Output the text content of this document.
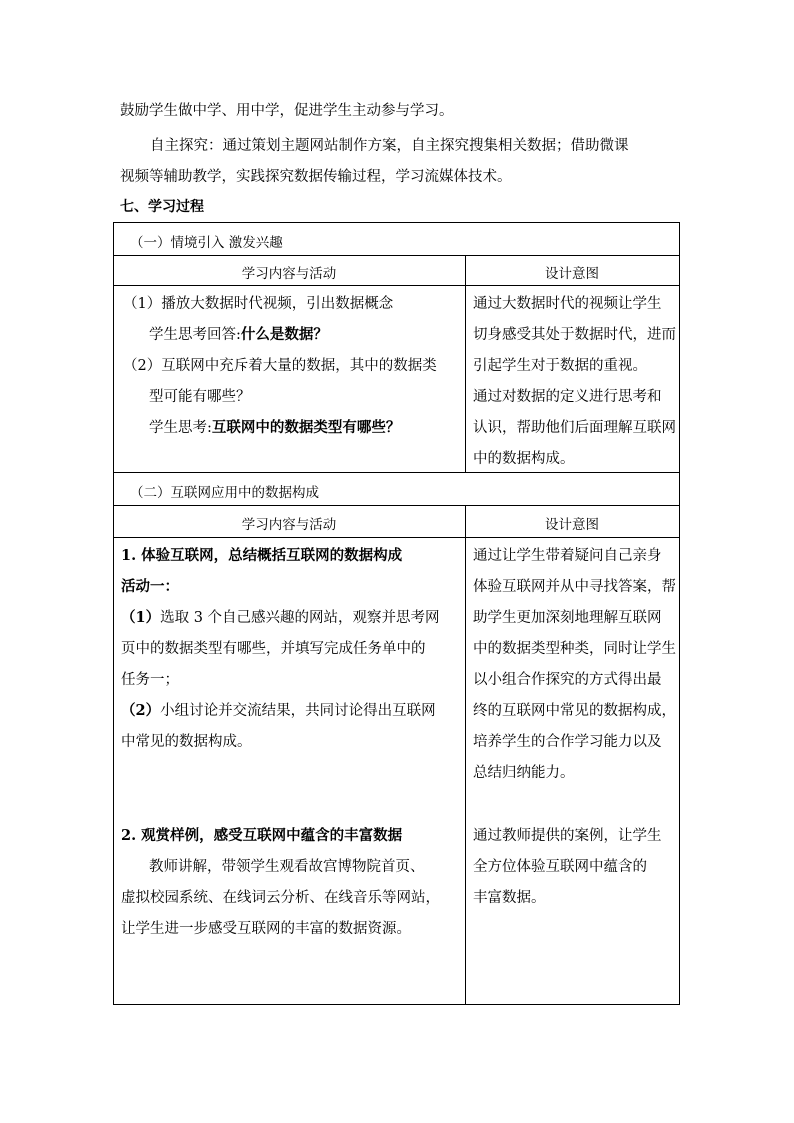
鼓励学生做中学、用中学，促进学生主动参与学习。
自主探究：通过策划主题网站制作方案，自主探究搜集相关数据；借助微课
视频等辅助教学，实践探究数据传输过程，学习流媒体技术。
七、学习过程
（一）情境引入 激发兴趣
学习内容与活动	设计意图
（1）播放大数据时代视频，引出数据概念
学生思考回答:什么是数据？
（2）互联网中充斥着大量的数据，其中的数据类
型可能有哪些？
学生思考:互联网中的数据类型有哪些？
通过大数据时代的视频让学生
切身感受其处于数据时代，进而
引起学生对于数据的重视。
通过对数据的定义进行思考和
认识，帮助他们后面理解互联网
中的数据构成。
（二）互联网应用中的数据构成
学习内容与活动	设计意图
1. 体验互联网，总结概括互联网的数据构成
活动一：
（1）选取 3 个自己感兴趣的网站，观察并思考网
页中的数据类型有哪些，并填写完成任务单中的
任务一；
（2）小组讨论并交流结果，共同讨论得出互联网
中常见的数据构成。
2. 观赏样例，感受互联网中蕴含的丰富数据
教师讲解，带领学生观看故宫博物院首页、
虚拟校园系统、在线词云分析、在线音乐等网站，
让学生进一步感受互联网的丰富的数据资源。
通过让学生带着疑问自己亲身
体验互联网并从中寻找答案，帮
助学生更加深刻地理解互联网
中的数据类型种类，同时让学生
以小组合作探究的方式得出最
终的互联网中常见的数据构成，
培养学生的合作学习能力以及
总结归纳能力。
通过教师提供的案例，让学生
全方位体验互联网中蕴含的
丰富数据。
